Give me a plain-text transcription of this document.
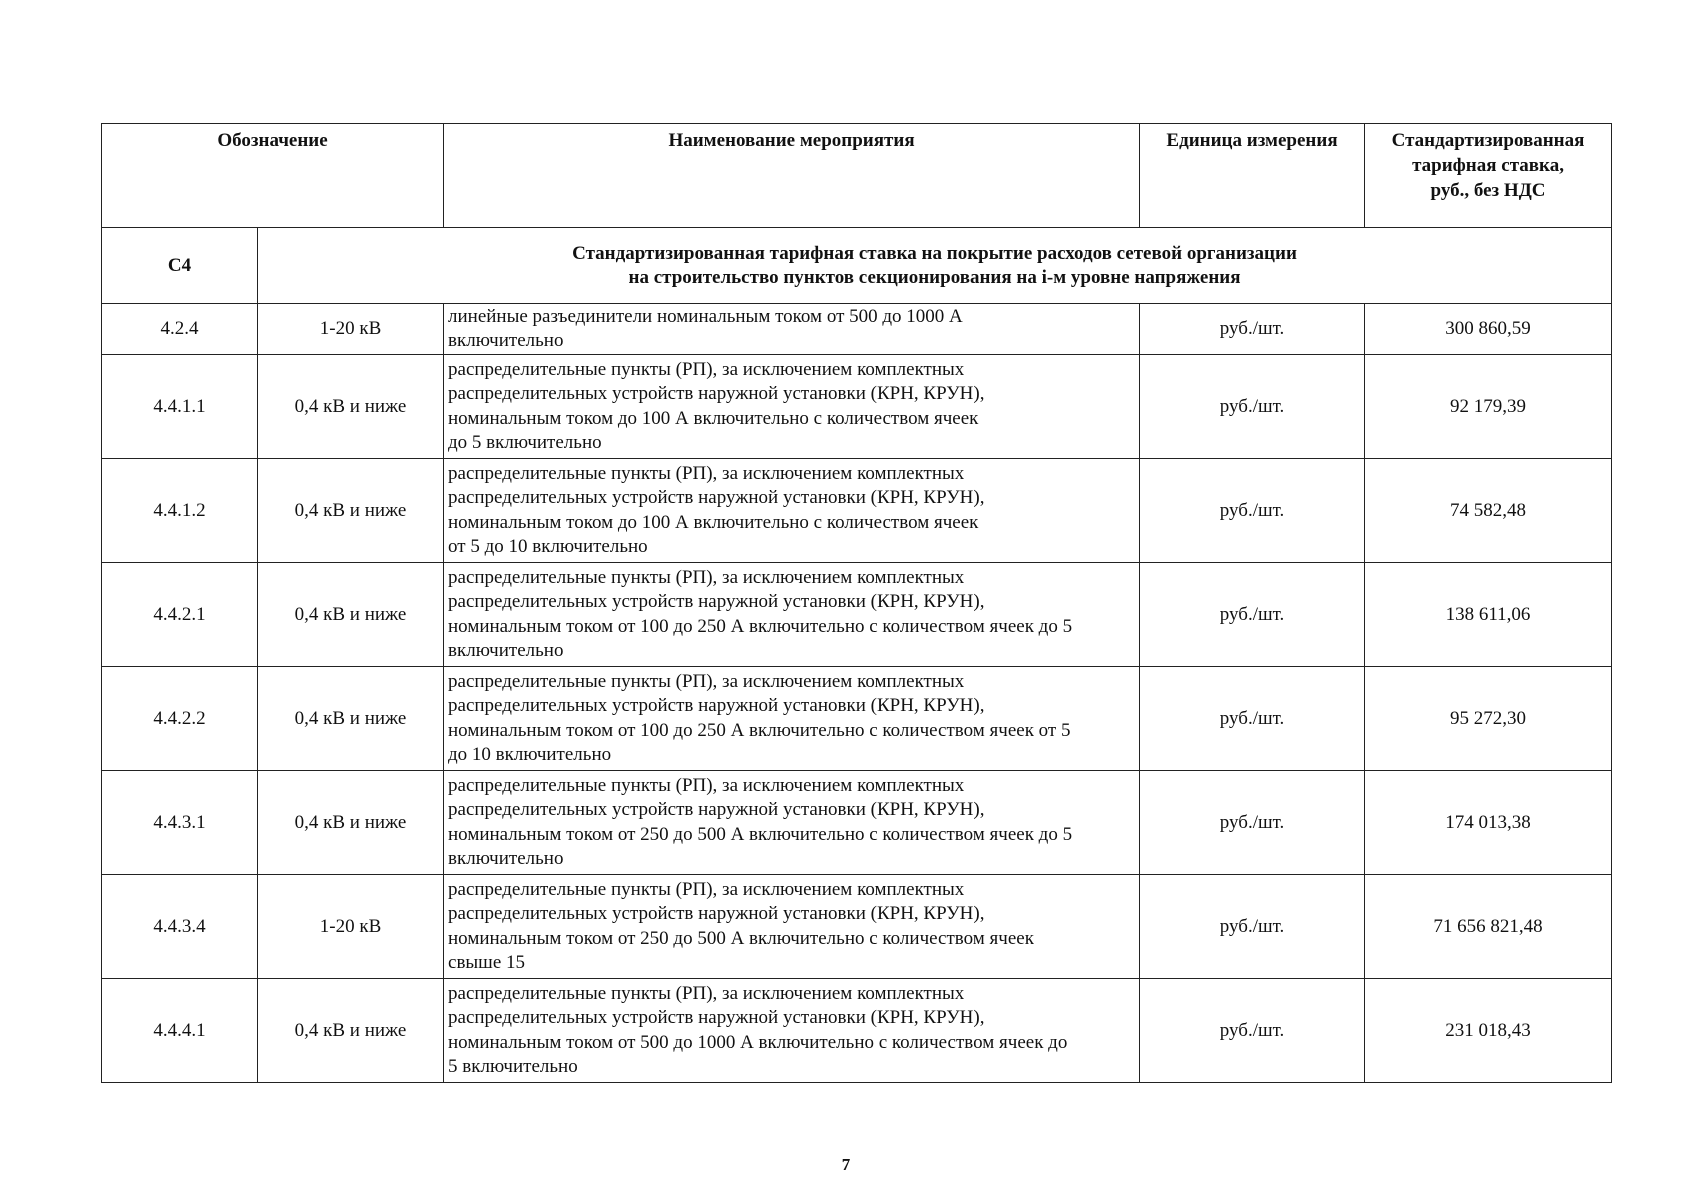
Обозначение		Наименование мероприятия	Единица измерения	Стандартизированная
тарифная ставка,
руб., без НДС

С4	Стандартизированная тарифная ставка на покрытие расходов сетевой организации
на строительство пунктов секционирования на i-м уровне напряжения			

4.2.4	1-20 кВ	линейные разъединители номинальным током от 500 до 1000 А
включительно	руб./шт.	300 860,59
4.4.1.1	0,4 кВ и ниже	распределительные пункты (РП), за исключением комплектных
распределительных устройств наружной установки (КРН, КРУН),
номинальным током до 100 А включительно с количеством ячеек
до 5 включительно	руб./шт.	92 179,39
4.4.1.2	0,4 кВ и ниже	распределительные пункты (РП), за исключением комплектных
распределительных устройств наружной установки (КРН, КРУН),
номинальным током до 100 А включительно с количеством ячеек
от 5 до 10 включительно	руб./шт.	74 582,48
4.4.2.1	0,4 кВ и ниже	распределительные пункты (РП), за исключением комплектных
распределительных устройств наружной установки (КРН, КРУН),
номинальным током от 100 до 250 А включительно с количеством ячеек до 5
включительно	руб./шт.	138 611,06
4.4.2.2	0,4 кВ и ниже	распределительные пункты (РП), за исключением комплектных
распределительных устройств наружной установки (КРН, КРУН),
номинальным током от 100 до 250 А включительно с количеством ячеек от 5
до 10 включительно	руб./шт.	95 272,30
4.4.3.1	0,4 кВ и ниже	распределительные пункты (РП), за исключением комплектных
распределительных устройств наружной установки (КРН, КРУН),
номинальным током от 250 до 500 А включительно с количеством ячеек до 5
включительно	руб./шт.	174 013,38
4.4.3.4	1-20 кВ	распределительные пункты (РП), за исключением комплектных
распределительных устройств наружной установки (КРН, КРУН),
номинальным током от 250 до 500 А включительно с количеством ячеек
свыше 15	руб./шт.	71 656 821,48
4.4.4.1	0,4 кВ и ниже	распределительные пункты (РП), за исключением комплектных
распределительных устройств наружной установки (КРН, КРУН),
номинальным током от 500 до 1000 А включительно с количеством ячеек до
5 включительно	руб./шт.	231 018,43
7
